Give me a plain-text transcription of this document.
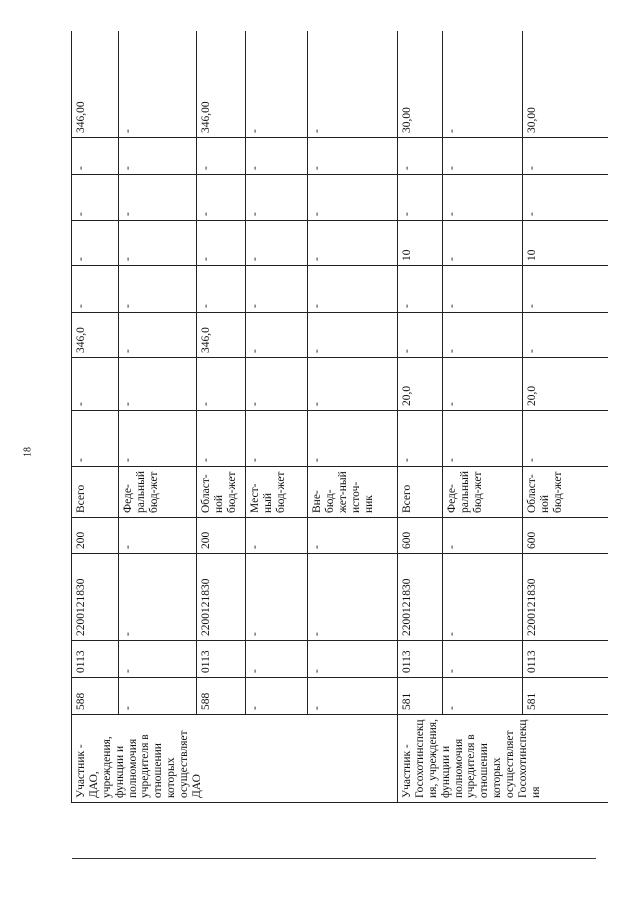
18
Участник - ДАО, учреждения, функции и полномочия учредителя в отношении которых осуществляет ДАО	588	0113	2200121830	200	Всего	-	-	346,0	-	-	-	-	346,00
	-	-	-	-	Феде-ральный бюд-жет	-	-	-	-	-	-	-	-
	588	0113	2200121830	200	Област-ной бюд-жет	-	-	346,0	-	-	-	-	346,00
	-	-	-	-	Мест-ный бюд-жет	-	-	-	-	-	-	-	-
	-	-	-	-	Вне-бюд-жет-ный источ-ник	-	-	-	-	-	-	-	-
Участник - Госохотинспекция, учреждения, функции и полномочия учредителя в отношении которых осуществляет Госохотинспекция	581	0113	2200121830	600	Всего	-	20,0	-	-	10	-	-	30,00
	-	-	-	-	Феде-ральный бюд-жет	-	-	-	-	-	-	-	-
	581	0113	2200121830	600	Област-ной бюд-жет	-	20,0	-	-	10	-	-	30,00
